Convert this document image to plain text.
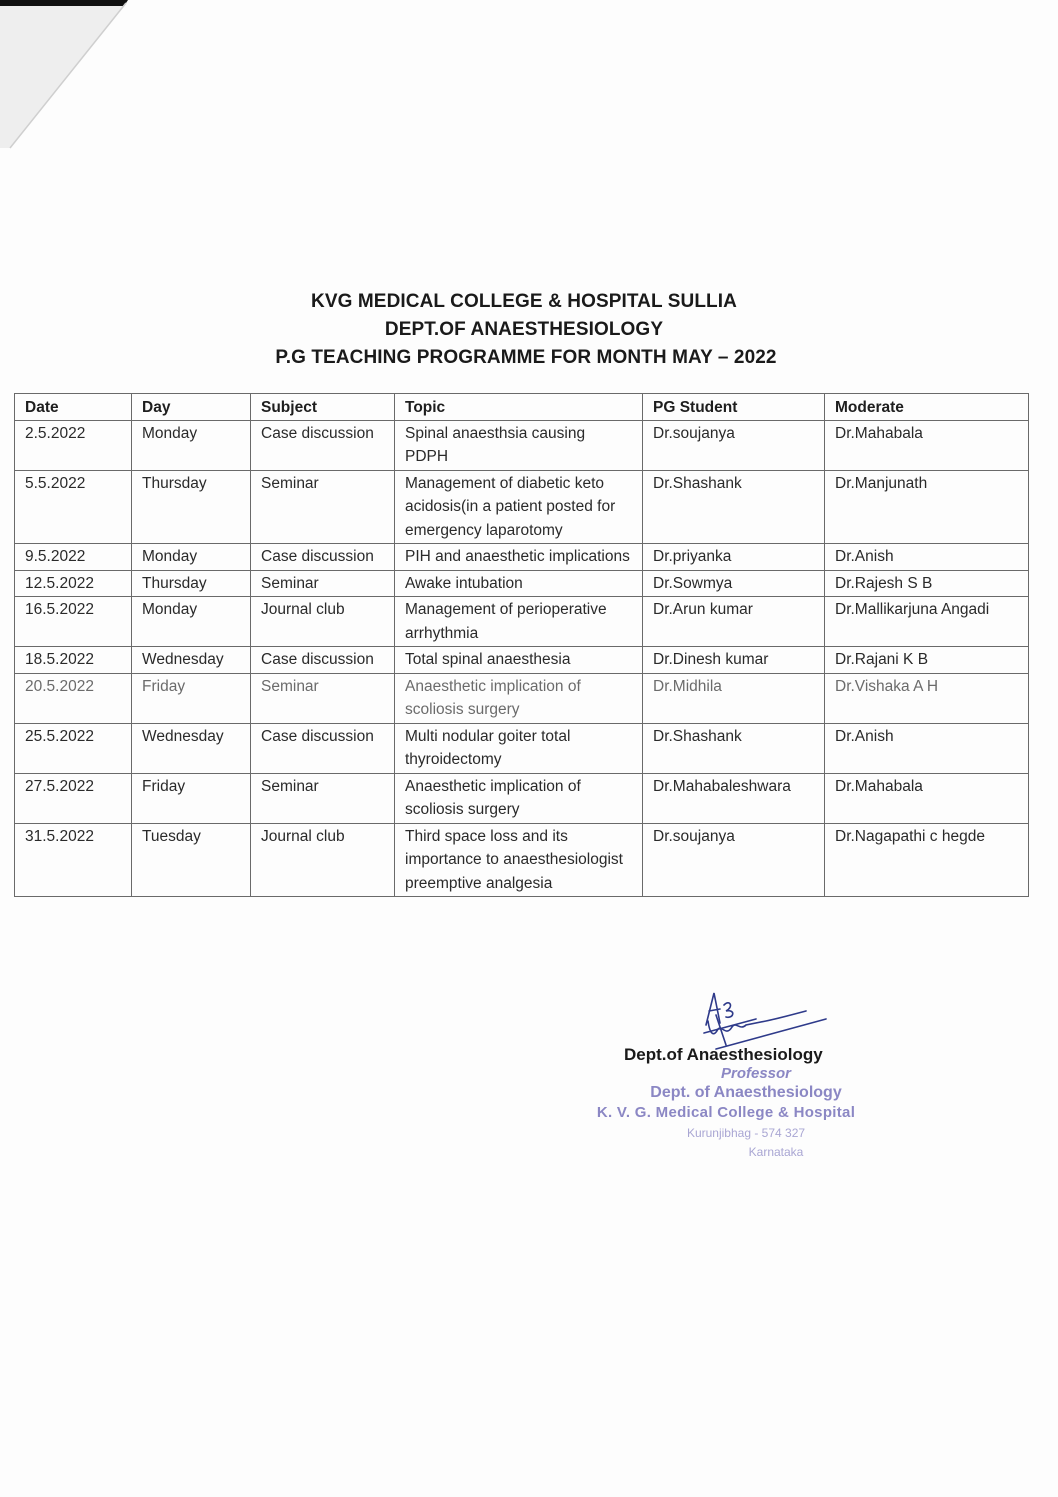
KVG MEDICAL COLLEGE & HOSPITAL SULLIA
DEPT.OF ANAESTHESIOLOGY
P.G TEACHING PROGRAMME FOR MONTH MAY – 2022
Date	Day	Subject	Topic	PG Student	Moderate
2.5.2022	Monday	Case discussion	Spinal anaesthsia causing PDPH	Dr.soujanya	Dr.Mahabala
5.5.2022	Thursday	Seminar	Management of diabetic keto acidosis(in a patient posted for emergency laparotomy	Dr.Shashank	Dr.Manjunath
9.5.2022	Monday	Case discussion	PIH and anaesthetic implications	Dr.priyanka	Dr.Anish
12.5.2022	Thursday	Seminar	Awake intubation	Dr.Sowmya	Dr.Rajesh S B
16.5.2022	Monday	Journal club	Management of perioperative arrhythmia	Dr.Arun kumar	Dr.Mallikarjuna Angadi
18.5.2022	Wednesday	Case discussion	Total spinal anaesthesia	Dr.Dinesh kumar	Dr.Rajani K B
20.5.2022	Friday	Seminar	Anaesthetic implication of scoliosis surgery	Dr.Midhila	Dr.Vishaka A H
25.5.2022	Wednesday	Case discussion	Multi nodular goiter total thyroidectomy	Dr.Shashank	Dr.Anish
27.5.2022	Friday	Seminar	Anaesthetic implication of scoliosis surgery	Dr.Mahabaleshwara	Dr.Mahabala
31.5.2022	Tuesday	Journal club	Third space loss and its importance to anaesthesiologist preemptive analgesia	Dr.soujanya	Dr.Nagapathi c hegde
Dept.of Anaesthesiology
Professor
Dept. of Anaesthesiology
K. V. G. Medical College & Hospital
Kurunjibhag - 574 327
Karnataka
